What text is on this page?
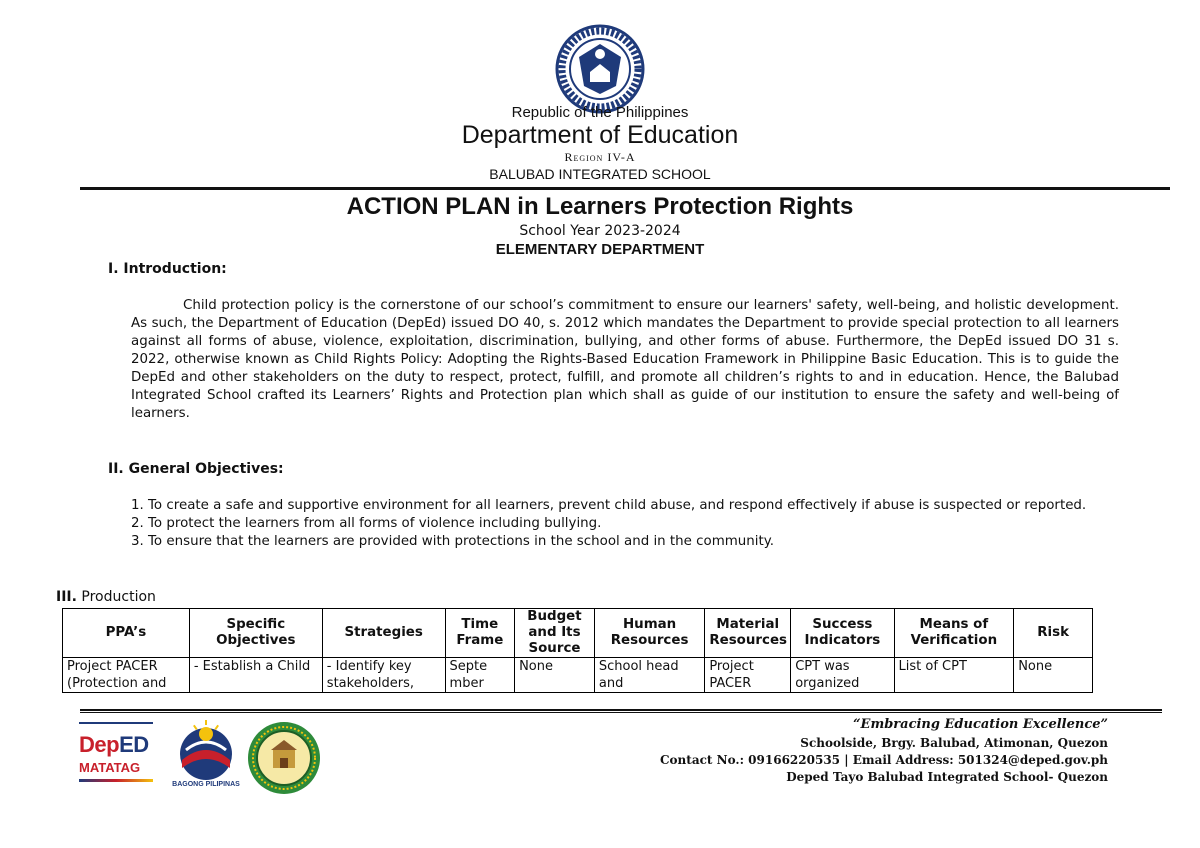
Republic of the Philippines
Department of Education
Region IV-A
BALUBAD INTEGRATED SCHOOL
ACTION PLAN in Learners Protection Rights
School Year 2023-2024
ELEMENTARY DEPARTMENT
I. Introduction:

Child protection policy is the cornerstone of our school’s commitment to ensure our learners' safety, well-being, and holistic development. As such, the Department of Education (DepEd) issued DO 40, s. 2012 which mandates the Department to provide special protection to all learners against all forms of abuse, violence, exploitation, discrimination, bullying, and other forms of abuse. Furthermore, the DepEd issued DO 31 s. 2022, otherwise known as Child Rights Policy: Adopting the Rights-Based Education Framework in Philippine Basic Education. This is to guide the DepEd and other stakeholders on the duty to respect, protect, fulfill, and promote all children’s rights to and in education. Hence, the Balubad Integrated School crafted its Learners’ Rights and Protection plan which shall as guide of our institution to ensure the safety and well-being of learners.

II. General Objectives:

1. To create a safe and supportive environment for all learners, prevent child abuse, and respond effectively if abuse is suspected or reported.

2. To protect the learners from all forms of violence including bullying.

3. To ensure that the learners are provided with protections in the school and in the community.

III. Production
PPA’s	Specific Objectives	Strategies	Time Frame	Budget and Its Source	Human Resources	Material Resources	Success Indicators	Means of Verification	Risk
Project PACER (Protection and	- Establish a Child	- Identify key stakeholders,	Septe mber	None	School head and	Project PACER	CPT was organized	List of CPT	None
DepED
MATATAG
BAGONG PILIPINAS
“Embracing Education Excellence”
Schoolside, Brgy. Balubad, Atimonan, Quezon
Contact No.: 09166220535 | Email Address: 501324@deped.gov.ph
Deped Tayo Balubad Integrated School- Quezon
